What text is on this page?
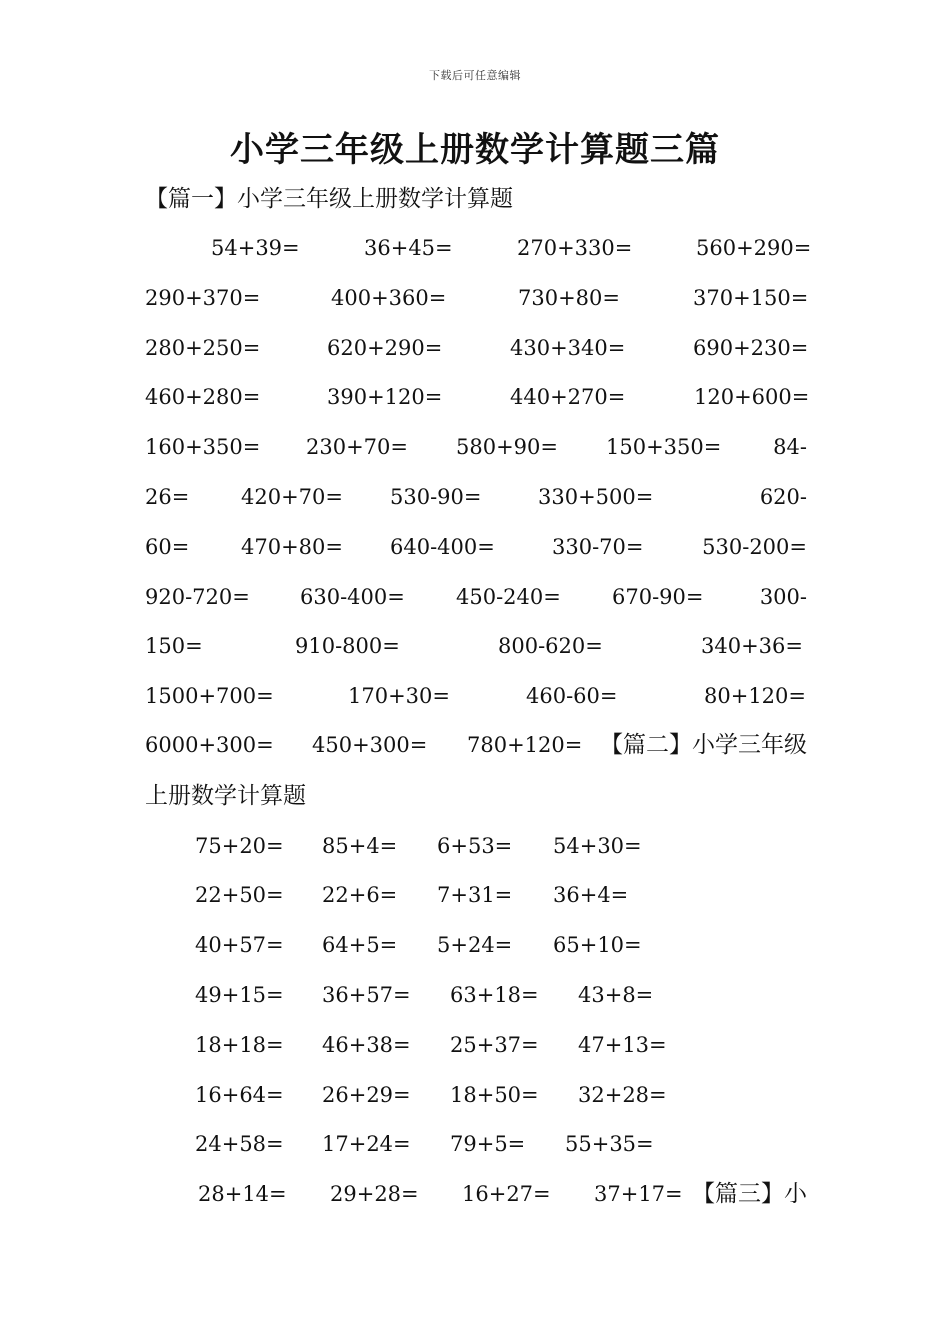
下载后可任意编辑
小学三年级上册数学计算题三篇
【篇一】小学三年级上册数学计算题
54+39=	36+45=	270+330=	560+290=
290+370=	400+360=	730+80=	370+150=
280+250=	620+290=	430+340=	690+230=
460+280=	390+120=	440+270=	120+600=
160+350= 230+70= 580+90= 150+350= 84-
26= 420+70= 530-90=	330+500=	620-
60= 470+80= 640-400=	330-70=	530-200=
920-720= 630-400= 450-240= 670-90=	300-
150=	910-800=	800-620=	340+36=
1500+700=	170+30=	460-60=	80+120=
6000+300= 450+300= 780+120= 【篇二】小学三年级
上册数学计算题
75+20= 85+4= 6+53= 54+30=
22+50= 22+6= 7+31= 36+4=
40+57= 64+5= 5+24= 65+10=
49+15= 36+57= 63+18= 43+8=
18+18= 46+38= 25+37= 47+13=
16+64= 26+29= 18+50= 32+28=
24+58= 17+24= 79+5= 55+35=
28+14= 29+28= 16+27= 37+17= 【篇三】小
